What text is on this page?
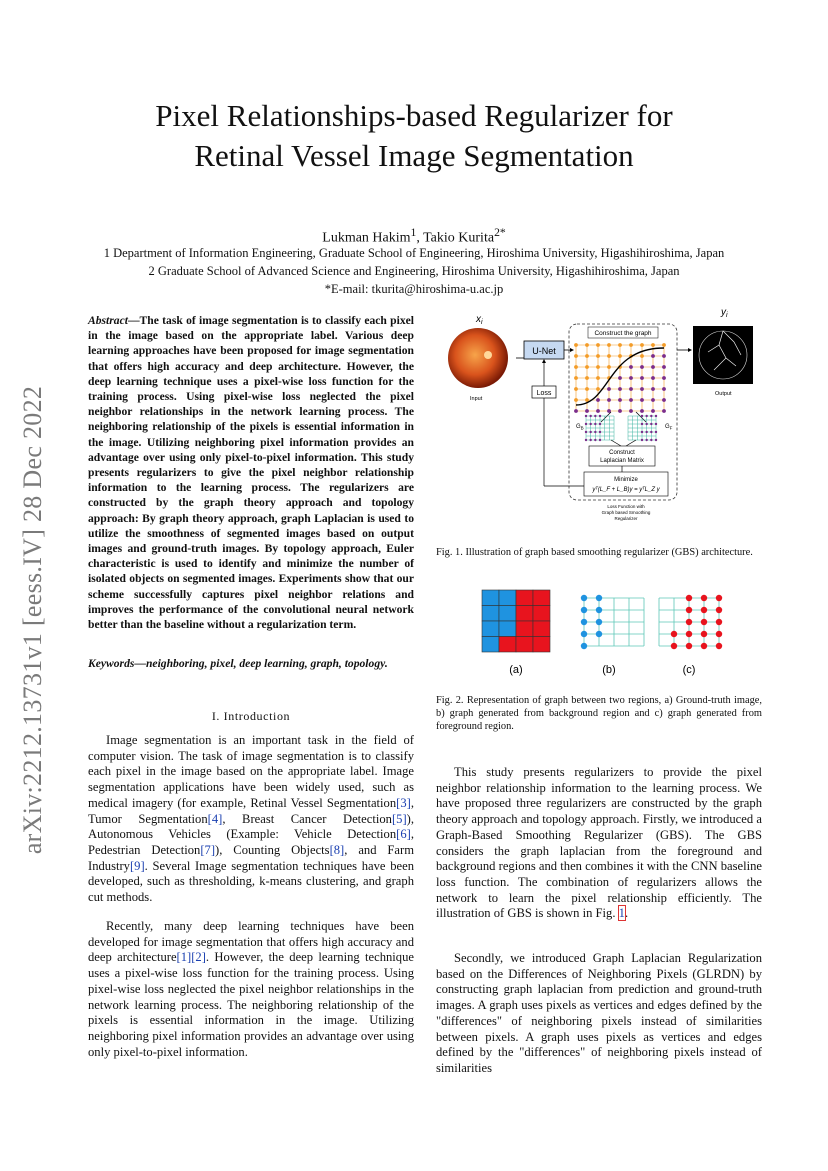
arXiv:2212.13731v1 [eess.IV] 28 Dec 2022
Pixel Relationships-based Regularizer for
Retinal Vessel Image Segmentation
Lukman Hakim$^1$, Takio Kurita$^{2*}$
1 Department of Information Engineering, Graduate School of Engineering, Hiroshima University, Higashihiroshima, Japan
2 Graduate School of Advanced Science and Engineering, Hiroshima University, Higashihiroshima, Japan
*E-mail: tkurita@hiroshima-u.ac.jp
Abstract—The task of image segmentation is to classify each pixel in the image based on the appropriate label. Various deep learning approaches have been proposed for image segmentation that offers high accuracy and deep architecture. However, the deep learning technique uses a pixel-wise loss function for the training process. Using pixel-wise loss neglected the pixel neighbor relationships in the network learning process. The neighboring relationship of the pixels is essential information in the image. Utilizing neighboring pixel information provides an advantage over using only pixel-to-pixel information. This study presents regularizers to give the pixel neighbor relationship information to the learning process. The regularizers are constructed by the graph theory approach and topology approach: By graph theory approach, graph Laplacian is used to utilize the smoothness of segmented images based on output images and ground-truth images. By topology approach, Euler characteristic is used to identify and minimize the number of isolated objects on segmented images. Experiments show that our scheme successfully captures pixel neighbor relations and improves the performance of the convolutional neural network better than the baseline without a regularization term.
Keywords—neighboring, pixel, deep learning, graph, topology.
I. Introduction
Image segmentation is an important task in the field of computer vision. The task of image segmentation is to classify each pixel in the image based on the appropriate label. Image segmentation applications have been widely used, such as medical imagery (for example, Retinal Vessel Segmentation[3], Tumor Segmentation[4], Breast Cancer Detection[5]), Autonomous Vehicles (Example: Vehicle Detection[6], Pedestrian Detection[7]), Counting Objects[8], and Farm Industry[9]. Several Image segmentation techniques have been developed, such as thresholding, k-means clustering, and graph cut methods.
Recently, many deep learning techniques have been developed for image segmentation that offers high accuracy and deep architecture[1][2]. However, the deep learning technique uses a pixel-wise loss function for the training process. Using pixel-wise loss neglected the pixel neighbor relationships in the network learning process. The neighboring relationship of the pixels is essential information in the image. Utilizing neighboring pixel information provides an advantage over using only pixel-to-pixel information.
$x_i$
$y_i$
Input
U-Net
Loss
Construct the graph
Output
$G_B$	$G_F$
Construct
Laplacian Matrix
Minimize
yᵀ(L_F + L_B)y = yᵀL_Z y
Loss Function with
Graph based Smoothing
Regularizer
Fig. 1. Illustration of graph based smoothing regularizer (GBS) architecture.
(a)	(b)	(c)
Fig. 2. Representation of graph between two regions, a) Ground-truth image, b) graph generated from background region and c) graph generated from foreground region.
This study presents regularizers to provide the pixel neighbor relationship information to the learning process. We have proposed three regularizers are constructed by the graph theory approach and topology approach. Firstly, we introduced a Graph-Based Smoothing Regularizer (GBS). The GBS considers the graph laplacian from the foreground and background regions and then combines it with the CNN baseline loss function. The combination of regularizers allows the network to learn the pixel relationship efficiently. The illustration of GBS is shown in Fig. 1.
Secondly, we introduced Graph Laplacian Regularization based on the Differences of Neighboring Pixels (GLRDN) by constructing graph laplacian from prediction and ground-truth images. A graph uses pixels as vertices and edges defined by the "differences" of neighboring pixels instead of similarities between pixels. A graph uses pixels as vertices and edges defined by the "differences" of neighboring pixels instead of similarities
